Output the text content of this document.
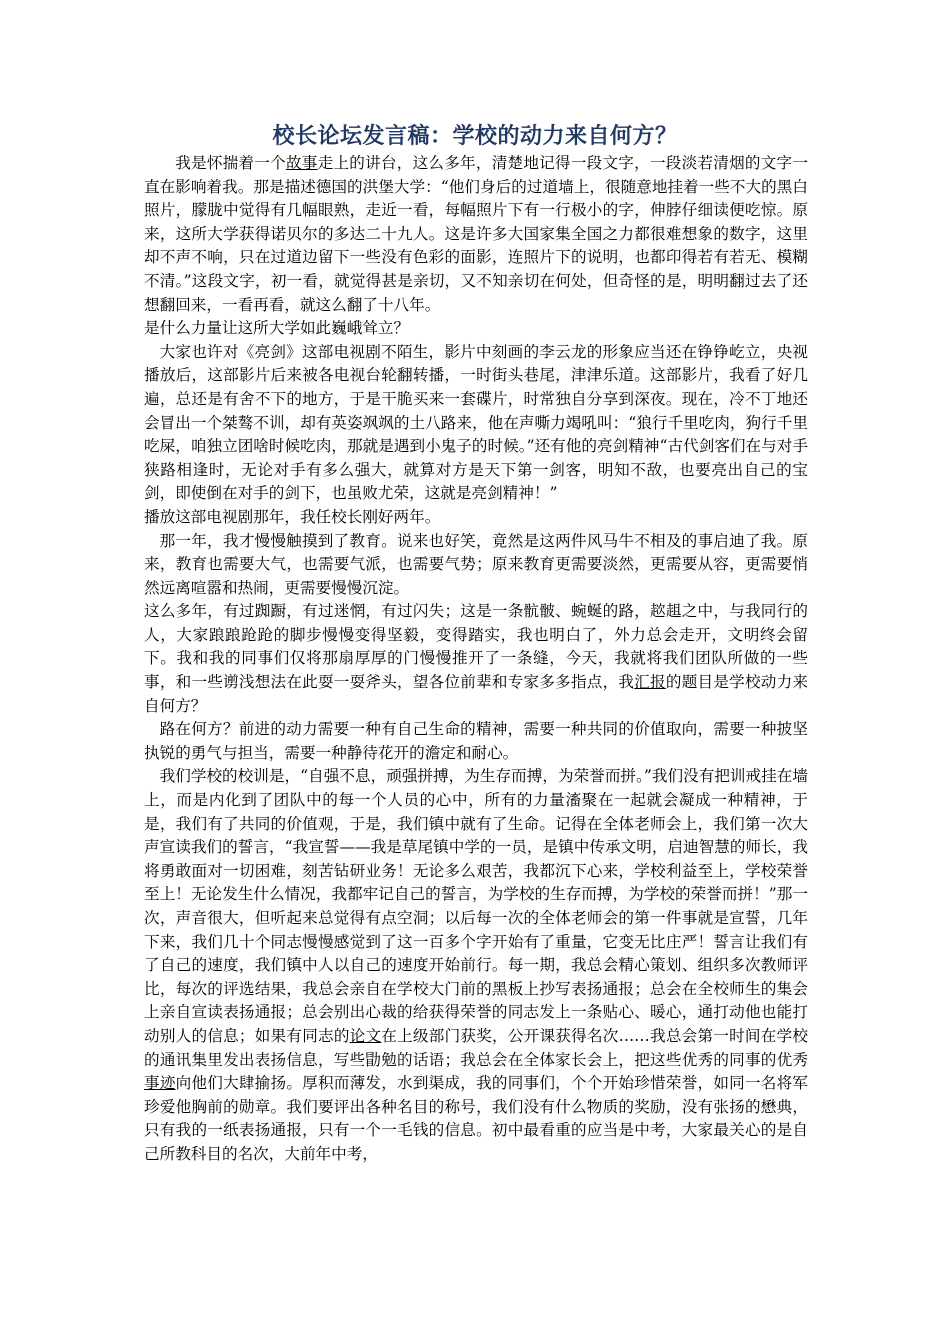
校长论坛发言稿：学校的动力来自何方？

我是怀揣着一个故事走上的讲台，这么多年，清楚地记得一段文字，一段淡若清烟的文字一直在影响着我。那是描述德国的洪堡大学：“他们身后的过道墙上，很随意地挂着一些不大的黑白照片，朦胧中觉得有几幅眼熟，走近一看，每幅照片下有一行极小的字，伸脖仔细读便吃惊。原来，这所大学获得诺贝尔的多达二十九人。这是许多大国家集全国之力都很难想象的数字，这里却不声不响，只在过道边留下一些没有色彩的面影，连照片下的说明，也都印得若有若无、模糊不清。”这段文字，初一看，就觉得甚是亲切，又不知亲切在何处，但奇怪的是，明明翻过去了还想翻回来，一看再看，就这么翻了十八年。

是什么力量让这所大学如此巍峨耸立？

大家也许对《亮剑》这部电视剧不陌生，影片中刻画的李云龙的形象应当还在铮铮屹立，央视播放后，这部影片后来被各电视台轮翻转播，一时街头巷尾，津津乐道。这部影片，我看了好几遍，总还是有舍不下的地方，于是干脆买来一套碟片，时常独自分享到深夜。现在，冷不丁地还会冒出一个桀骜不训，却有英姿飒飒的土八路来，他在声嘶力竭吼叫：“狼行千里吃肉，狗行千里吃屎，咱独立团啥时候吃肉，那就是遇到小鬼子的时候。”还有他的亮剑精神“古代剑客们在与对手狭路相逢时，无论对手有多么强大，就算对方是天下第一剑客，明知不敌，也要亮出自己的宝剑，即使倒在对手的剑下，也虽败尤荣，这就是亮剑精神！”

播放这部电视剧那年，我任校长刚好两年。

那一年，我才慢慢触摸到了教育。说来也好笑，竟然是这两件风马牛不相及的事启迪了我。原来，教育也需要大气，也需要气派，也需要气势；原来教育更需要淡然，更需要从容，更需要悄然远离喧嚣和热闹，更需要慢慢沉淀。

这么多年，有过踟蹰，有过迷惘，有过闪失；这是一条骯骳、蜿蜒的路，趑趄之中，与我同行的人，大家踉踉跄跄的脚步慢慢变得坚毅，变得踏实，我也明白了，外力总会走开，文明终会留下。我和我的同事们仅将那扇厚厚的门慢慢推开了一条缝，今天，我就将我们团队所做的一些事，和一些谫浅想法在此耍一耍斧头，望各位前辈和专家多多指点，我汇报的题目是学校动力来自何方？

路在何方？前进的动力需要一种有自己生命的精神，需要一种共同的价值取向，需要一种披坚执锐的勇气与担当，需要一种静待花开的澹定和耐心。

我们学校的校训是，“自强不息，顽强拼搏，为生存而搏，为荣誉而拼。”我们没有把训戒挂在墙上，而是内化到了团队中的每一个人员的心中，所有的力量滀聚在一起就会凝成一种精神，于是，我们有了共同的价值观，于是，我们镇中就有了生命。记得在全体老师会上，我们第一次大声宣读我们的誓言，“我宣誓——我是草尾镇中学的一员，是镇中传承文明，启迪智慧的师长，我将勇敢面对一切困难，刻苦钻研业务！无论多么艰苦，我都沉下心来，学校利益至上，学校荣誉至上！无论发生什么情况，我都牢记自己的誓言，为学校的生存而搏，为学校的荣誉而拼！”那一次，声音很大，但听起来总觉得有点空洞；以后每一次的全体老师会的第一件事就是宣誓，几年下来，我们几十个同志慢慢感觉到了这一百多个字开始有了重量，它变无比庄严！誓言让我们有了自己的速度，我们镇中人以自己的速度开始前行。每一期，我总会精心策划、组织多次教师评比，每次的评选结果，我总会亲自在学校大门前的黑板上抄写表扬通报；总会在全校师生的集会上亲自宣读表扬通报；总会别出心裁的给获得荣誉的同志发上一条贴心、暖心，通打动他也能打动别人的信息；如果有同志的论文在上级部门获奖，公开课获得名次……我总会第一时间在学校的通讯集里发出表扬信息，写些勖勉的话语；我总会在全体家长会上，把这些优秀的同事的优秀事迹向他们大肆揄扬。厚积而薄发，水到渠成，我的同事们，个个开始珍惜荣誉，如同一名将军珍爱他胸前的勋章。我们要评出各种名目的称号，我们没有什么物质的奖励，没有张扬的懋典，只有我的一纸表扬通报，只有一个一毛钱的信息。初中最看重的应当是中考，大家最关心的是自己所教科目的名次，大前年中考，
